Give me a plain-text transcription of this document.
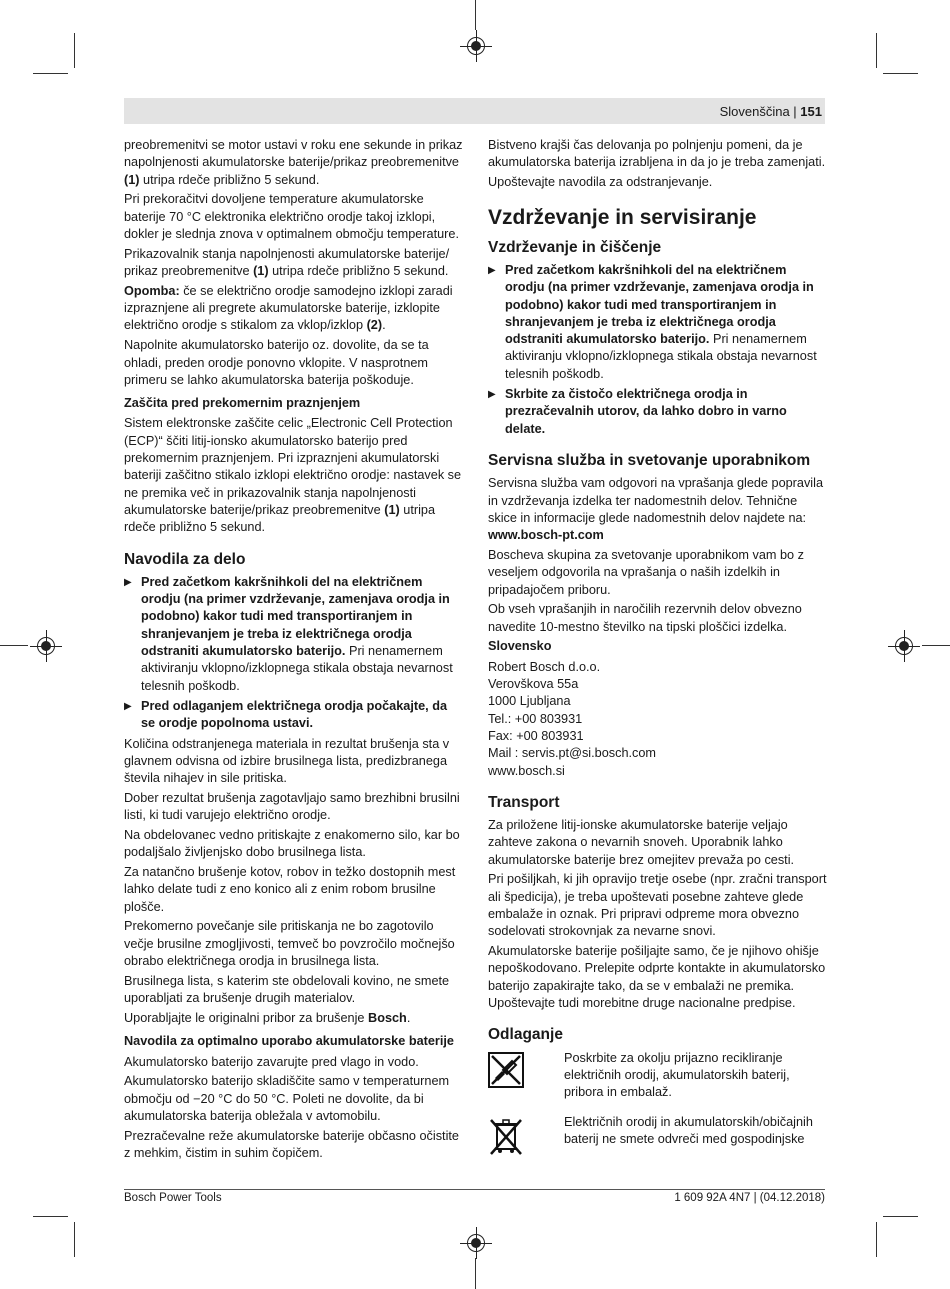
Slovenščina | 151

preobremenitvi se motor ustavi v roku ene sekunde in prikaz napolnjenosti akumulatorske baterije/prikaz preobremenitve (1) utripa rdeče približno 5 sekund.

Pri prekoračitvi dovoljene temperature akumulatorske baterije 70 °C elektronika električno orodje takoj izklopi, dokler je slednja znova v optimalnem območju temperature.

Prikazovalnik stanja napolnjenosti akumulatorske baterije/ prikaz preobremenitve (1) utripa rdeče približno 5 sekund.

Opomba: če se električno orodje samodejno izklopi zaradi izpraznjene ali pregrete akumulatorske baterije, izklopite električno orodje s stikalom za vklop/izklop (2).

Napolnite akumulatorsko baterijo oz. dovolite, da se ta ohladi, preden orodje ponovno vklopite. V nasprotnem primeru se lahko akumulatorska baterija poškoduje.

Zaščita pred prekomernim praznjenjem

Sistem elektronske zaščite celic „Electronic Cell Protection (ECP)“ ščiti litij-ionsko akumulatorsko baterijo pred prekomernim praznjenjem. Pri izpraznjeni akumulatorski bateriji zaščitno stikalo izklopi električno orodje: nastavek se ne premika več in prikazovalnik stanja napolnjenosti akumulatorske baterije/prikaz preobremenitve (1) utripa rdeče približno 5 sekund.

Navodila za delo
▶ Pred začetkom kakršnihkoli del na električnem orodju (na primer vzdrževanje, zamenjava orodja in podobno) kakor tudi med transportiranjem in shranjevanjem je treba iz električnega orodja odstraniti akumulatorsko baterijo. Pri nenamernem aktiviranju vklopno/izklopnega stikala obstaja nevarnost telesnih poškodb.
▶ Pred odlaganjem električnega orodja počakajte, da se orodje popolnoma ustavi.

Količina odstranjenega materiala in rezultat brušenja sta v glavnem odvisna od izbire brusilnega lista, predizbranega števila nihajev in sile pritiska.

Dober rezultat brušenja zagotavljajo samo brezhibni brusilni listi, ki tudi varujejo električno orodje.

Na obdelovanec vedno pritiskajte z enakomerno silo, kar bo podaljšalo življenjsko dobo brusilnega lista.

Za natančno brušenje kotov, robov in težko dostopnih mest lahko delate tudi z eno konico ali z enim robom brusilne plošče.

Prekomerno povečanje sile pritiskanja ne bo zagotovilo večje brusilne zmogljivosti, temveč bo povzročilo močnejšo obrabo električnega orodja in brusilnega lista.

Brusilnega lista, s katerim ste obdelovali kovino, ne smete uporabljati za brušenje drugih materialov.

Uporabljajte le originalni pribor za brušenje Bosch.

Navodila za optimalno uporabo akumulatorske baterije

Akumulatorsko baterijo zavarujte pred vlago in vodo.

Akumulatorsko baterijo skladiščite samo v temperaturnem območju od −20 °C do 50 °C. Poleti ne dovolite, da bi akumulatorska baterija obležala v avtomobilu.

Prezračevalne reže akumulatorske baterije občasno očistite z mehkim, čistim in suhim čopičem.

Bistveno krajši čas delovanja po polnjenju pomeni, da je akumulatorska baterija izrabljena in da jo je treba zamenjati.

Upoštevajte navodila za odstranjevanje.

Vzdrževanje in servisiranje
Vzdrževanje in čiščenje
▶ Pred začetkom kakršnihkoli del na električnem orodju (na primer vzdrževanje, zamenjava orodja in podobno) kakor tudi med transportiranjem in shranjevanjem je treba iz električnega orodja odstraniti akumulatorsko baterijo. Pri nenamernem aktiviranju vklopno/izklopnega stikala obstaja nevarnost telesnih poškodb.
▶ Skrbite za čistočo električnega orodja in prezračevalnih utorov, da lahko dobro in varno delate.
Servisna služba in svetovanje uporabnikom

Servisna služba vam odgovori na vprašanja glede popravila in vzdrževanja izdelka ter nadomestnih delov. Tehnične skice in informacije glede nadomestnih delov najdete na:

www.bosch-pt.com

Boscheva skupina za svetovanje uporabnikom vam bo z veseljem odgovorila na vprašanja o naših izdelkih in pripadajočem priboru.

Ob vseh vprašanjih in naročilih rezervnih delov obvezno navedite 10-mestno številko na tipski ploščici izdelka.

Slovensko

Robert Bosch d.o.o.

Verovškova 55a

1000 Ljubljana

Tel.: +00 803931

Fax: +00 803931

Mail : servis.pt@si.bosch.com

www.bosch.si

Transport

Za priložene litij-ionske akumulatorske baterije veljajo zahteve zakona o nevarnih snoveh. Uporabnik lahko akumulatorske baterije brez omejitev prevaža po cesti.

Pri pošiljkah, ki jih opravijo tretje osebe (npr. zračni transport ali špedicija), je treba upoštevati posebne zahteve glede embalaže in oznak. Pri pripravi odpreme mora obvezno sodelovati strokovnjak za nevarne snovi.

Akumulatorske baterije pošiljajte samo, če je njihovo ohišje nepoškodovano. Prelepite odprte kontakte in akumulatorsko baterijo zapakirajte tako, da se v embalaži ne premika. Upoštevajte tudi morebitne druge nacionalne predpise.

Odlaganje

Poskrbite za okolju prijazno recikliranje električnih orodij, akumulatorskih baterij, pribora in embalaž.

Električnih orodij in akumulatorskih/običajnih baterij ne smete odvreči med gospodinjske

Bosch Power Tools	1 609 92A 4N7 | (04.12.2018)
